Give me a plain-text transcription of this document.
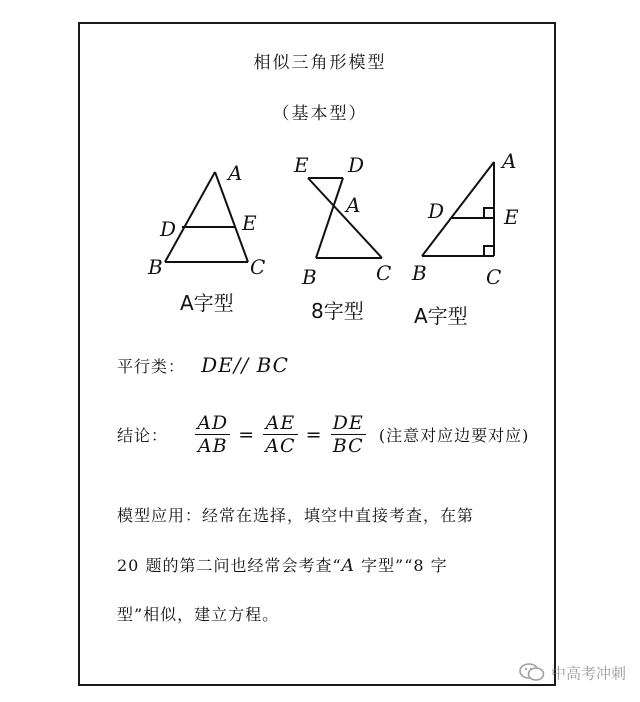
相似三角形模型
（基本型）
A
D	E
B	C
A字型
E D
A
B	C
8字型
A
D	E
B	C
A字型
平行类： DE// BC
结论： $\frac{AD}{AB} = \frac{AE}{AC} = \frac{DE}{BC}$ (注意对应边要对应)
模型应用：经常在选择，填空中直接考查，在第
20 题的第二问也经常会考查“A 字型”“8 字
型”相似，建立方程。
中高考冲刺
